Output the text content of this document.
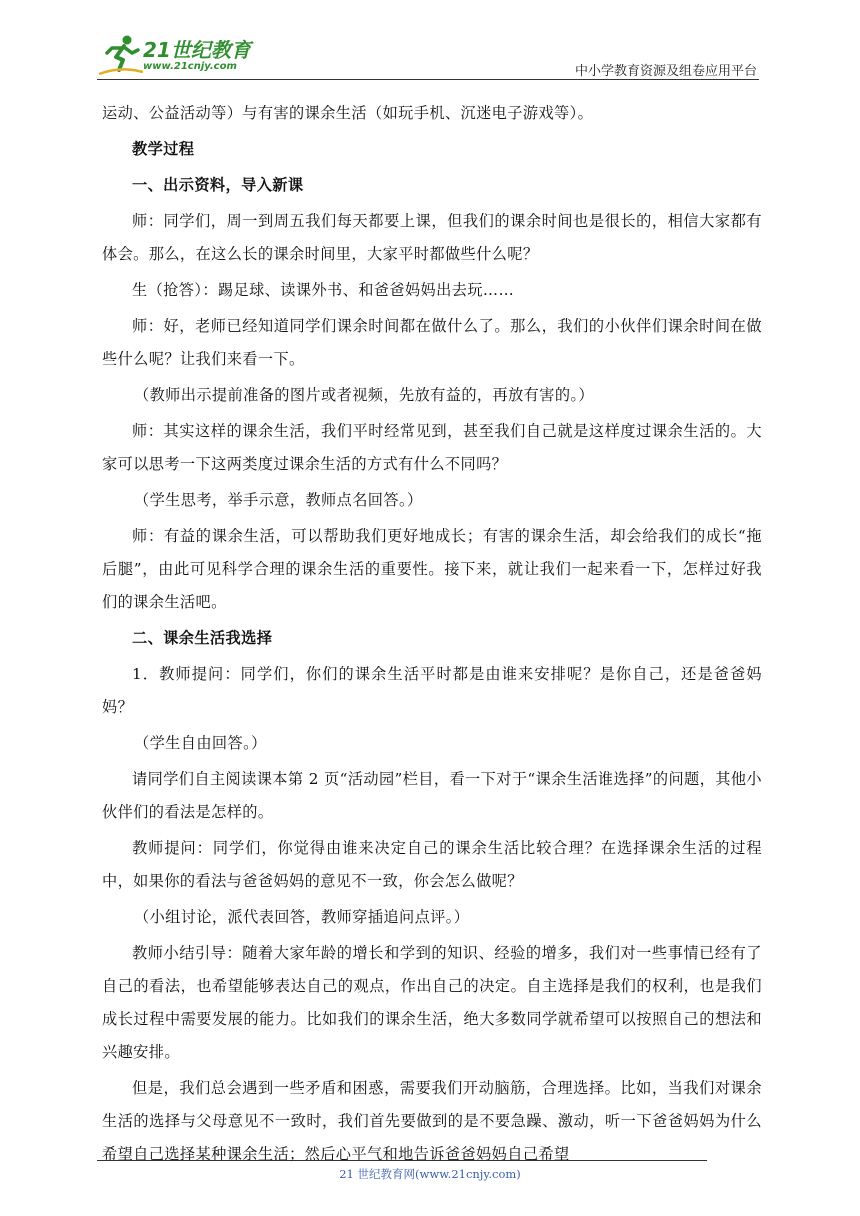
21世纪教育
www.21cnjy.com	中小学教育资源及组卷应用平台

运动、公益活动等）与有害的课余生活（如玩手机、沉迷电子游戏等）。

教学过程

一、出示资料，导入新课

师：同学们，周一到周五我们每天都要上课，但我们的课余时间也是很长的，相信大家都有体会。那么，在这么长的课余时间里，大家平时都做些什么呢？

生（抢答）：踢足球、读课外书、和爸爸妈妈出去玩……

师：好，老师已经知道同学们课余时间都在做什么了。那么，我们的小伙伴们课余时间在做些什么呢？让我们来看一下。

（教师出示提前准备的图片或者视频，先放有益的，再放有害的。）

师：其实这样的课余生活，我们平时经常见到，甚至我们自己就是这样度过课余生活的。大家可以思考一下这两类度过课余生活的方式有什么不同吗？

（学生思考，举手示意，教师点名回答。）

师：有益的课余生活，可以帮助我们更好地成长；有害的课余生活，却会给我们的成长“拖后腿”，由此可见科学合理的课余生活的重要性。接下来，就让我们一起来看一下，怎样过好我们的课余生活吧。

二、课余生活我选择

1．教师提问：同学们，你们的课余生活平时都是由谁来安排呢？是你自己，还是爸爸妈妈？

（学生自由回答。）

请同学们自主阅读课本第 2 页“活动园”栏目，看一下对于“课余生活谁选择”的问题，其他小伙伴们的看法是怎样的。

教师提问：同学们，你觉得由谁来决定自己的课余生活比较合理？在选择课余生活的过程中，如果你的看法与爸爸妈妈的意见不一致，你会怎么做呢？

（小组讨论，派代表回答，教师穿插追问点评。）

教师小结引导：随着大家年龄的增长和学到的知识、经验的增多，我们对一些事情已经有了自己的看法，也希望能够表达自己的观点，作出自己的决定。自主选择是我们的权利，也是我们成长过程中需要发展的能力。比如我们的课余生活，绝大多数同学就希望可以按照自己的想法和兴趣安排。

但是，我们总会遇到一些矛盾和困惑，需要我们开动脑筋，合理选择。比如，当我们对课余生活的选择与父母意见不一致时，我们首先要做到的是不要急躁、激动，听一下爸爸妈妈为什么希望自己选择某种课余生活；然后心平气和地告诉爸爸妈妈自己希望

21 世纪教育网(www.21cnjy.com)
